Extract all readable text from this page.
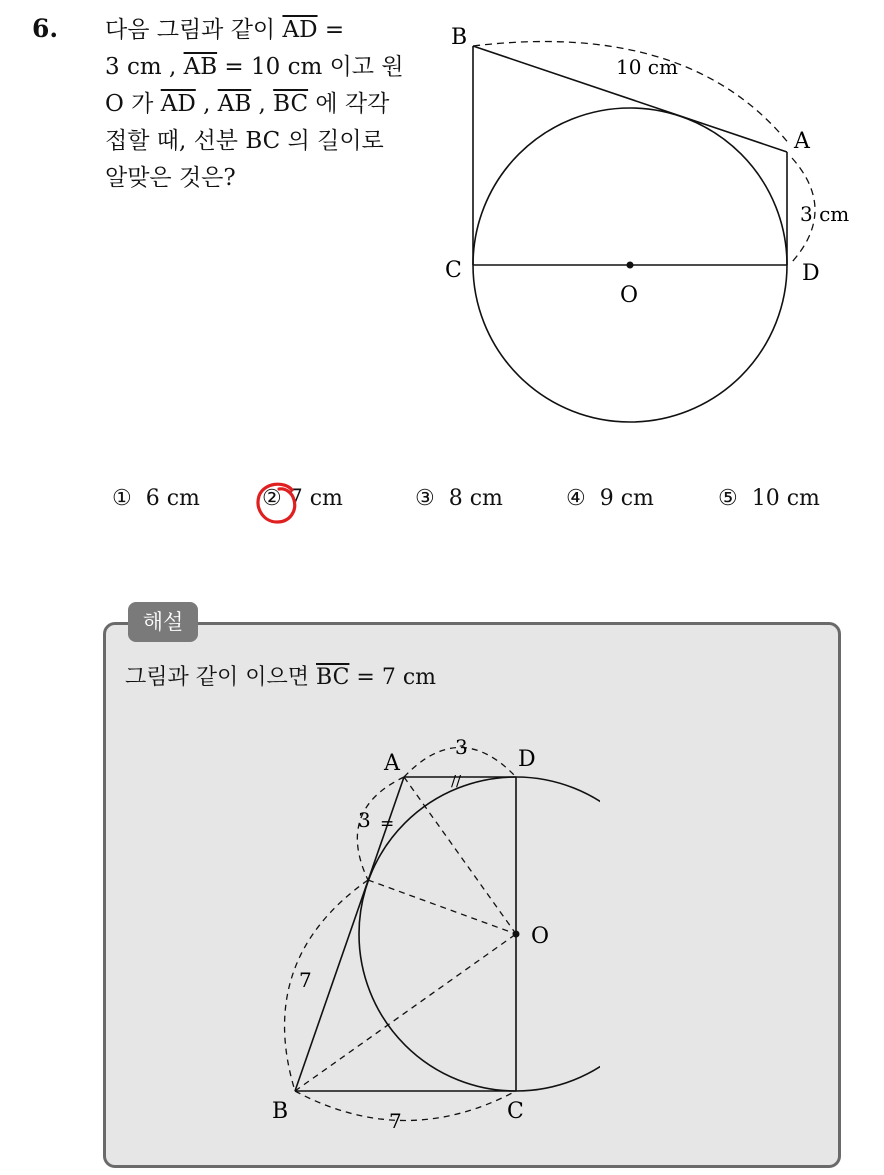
6. 다음 그림과 같이 $\overline{AD}$ =
3 cm , $\overline{AB} = 10$ cm 이고 원
O 가 $\overline{AD}$ , $\overline{AB}$ , $\overline{BC}$ 에 각각
접할 때, 선분 BC 의 길이로
알맞은 것은?
B
A
C	D
O
10 cm
3 cm
① 6 cm	② 7 cm	③ 8 cm	④ 9 cm	⑤ 10 cm
해설
그림과 같이 이으면 $\overline{BC} = 7$ cm
A	D
O
B	C
3
//
3 =
7
7
